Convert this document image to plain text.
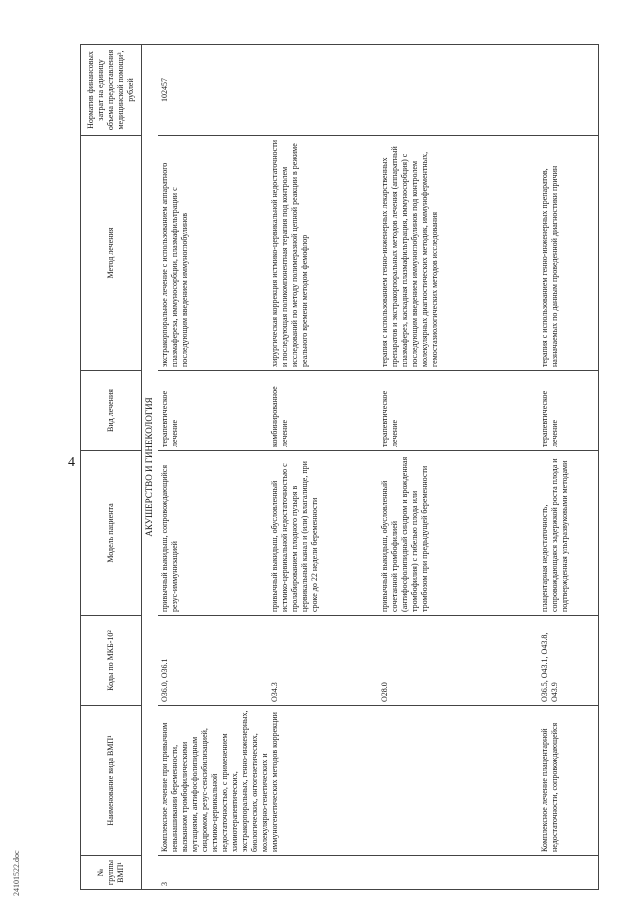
4
24101522.doc	№ группы ВМП¹	Наименование вида ВМП¹	Коды по МКБ-10²	Модель пациента	Вид лечения	Метод лечения	Норматив финансовых затрат на единицу объема предоставления медицинской помощи³, рублей
АКУШЕРСТВО И ГИНЕКОЛОГИЯ						
3	Комплексное лечение при привычном невынашивании беременности, вызванном тромбофилическими мутациями, антифосфолипидным синдромом, резус-сенсибилизацией, истмико-цервикальной недостаточностью, с применением химиотерапевтических, экстракорпоральных, генно-инженерных, биологических, онтогенетических, молекулярно-генетических и иммуногенетических методов коррекции	O36.0, O36.1	привычный выкидыш, сопровождающийся резус-иммунизацией	терапевтическое лечение	экстракорпоральное лечение с использованием аппаратного плазмафереза, иммуносорбции, плазмафильтрации с последующим введением иммуноглобулинов	102457
		O34.3	привычный выкидыш, обусловленный истмико-цервикальной недостаточностью с пролабированием плодного пузыря в цервикальный канал и (или) влагалище, при сроке до 22 недели беременности	комбинированное лечение	хирургическая коррекция истмико-цервикальной недостаточности и последующая поликомпонентная терапия под контролем исследований по методу полимеразной цепной реакции в режиме реального времени методом фемофлор	
		O28.0	привычный выкидыш, обусловленный сочетанной тромбофилией (антифосфолипидный синдром и врожденная тромбофилия) с гибелью плода или тромбозом при предыдущей беременности	терапевтическое лечение	терапия с использованием генно-инженерных лекарственных препаратов и экстракорпоральных методов лечения (аппаратный плазмаферез, каскадная плазмафильтрация, иммуносорбция) с последующим введением иммуноглобулинов под контролем молекулярных диагностических методик, иммуноферментных, гемостазиологических методов исследования	
	Комплексное лечение плацентарной недостаточности, сопровождающейся	O36.5, O43.1, O43.8, O43.9	плацентарная недостаточность, сопровождающаяся задержкой роста плода и подтвержденная ультразвуковыми методами	терапевтическое лечение	терапия с использованием генно-инженерных препаратов, назначаемых по данным проведенной диагностики причин	
